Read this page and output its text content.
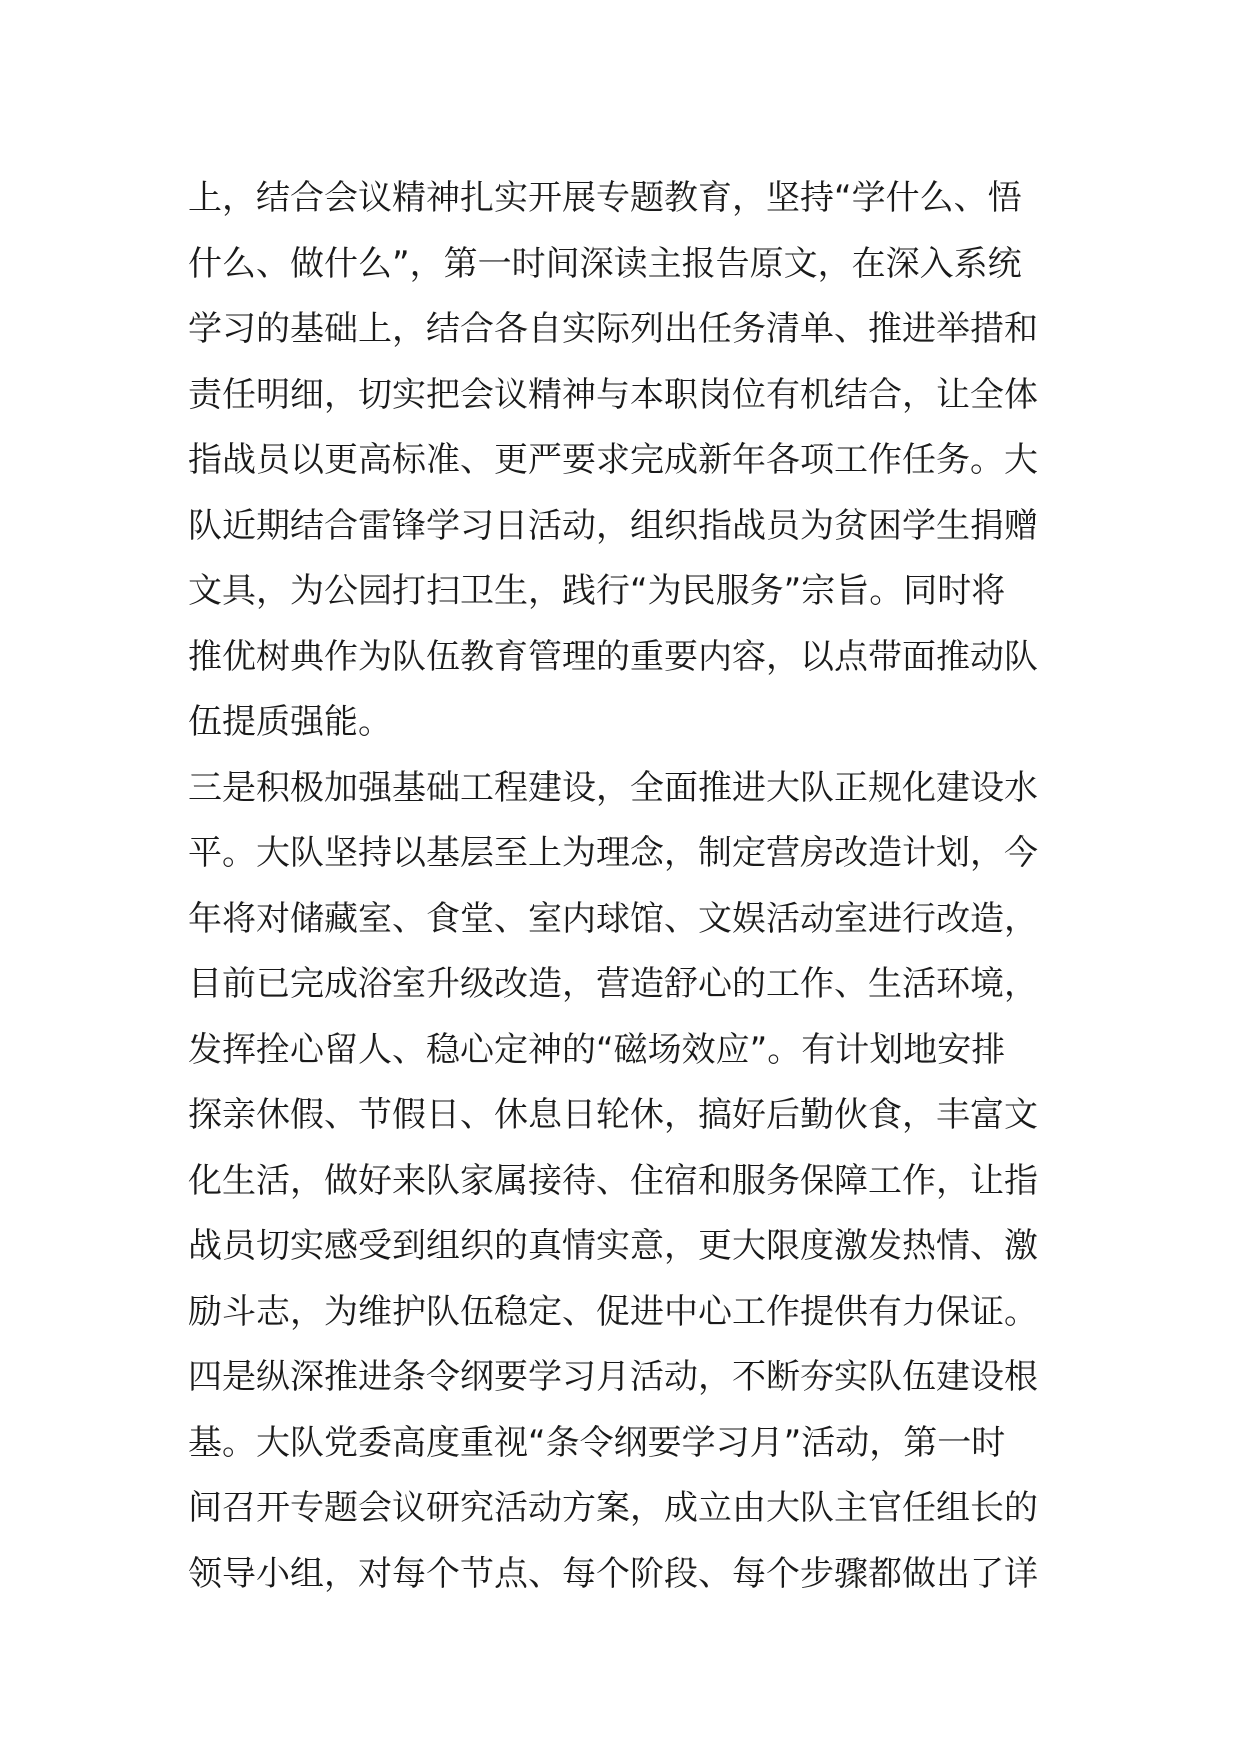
上，结合会议精神扎实开展专题教育，坚持“学什么、悟
什么、做什么”，第一时间深读主报告原文，在深入系统
学习的基础上，结合各自实际列出任务清单、推进举措和
责任明细，切实把会议精神与本职岗位有机结合，让全体
指战员以更高标准、更严要求完成新年各项工作任务。大
队近期结合雷锋学习日活动，组织指战员为贫困学生捐赠
文具，为公园打扫卫生，践行“为民服务”宗旨。同时将
推优树典作为队伍教育管理的重要内容，以点带面推动队
伍提质强能。
三是积极加强基础工程建设，全面推进大队正规化建设水
平。大队坚持以基层至上为理念，制定营房改造计划，今
年将对储藏室、食堂、室内球馆、文娱活动室进行改造，
目前已完成浴室升级改造，营造舒心的工作、生活环境，
发挥拴心留人、稳心定神的“磁场效应”。有计划地安排
探亲休假、节假日、休息日轮休，搞好后勤伙食，丰富文
化生活，做好来队家属接待、住宿和服务保障工作，让指
战员切实感受到组织的真情实意，更大限度激发热情、激
励斗志，为维护队伍稳定、促进中心工作提供有力保证。
四是纵深推进条令纲要学习月活动，不断夯实队伍建设根
基。大队党委高度重视“条令纲要学习月”活动，第一时
间召开专题会议研究活动方案，成立由大队主官任组长的
领导小组，对每个节点、每个阶段、每个步骤都做出了详
